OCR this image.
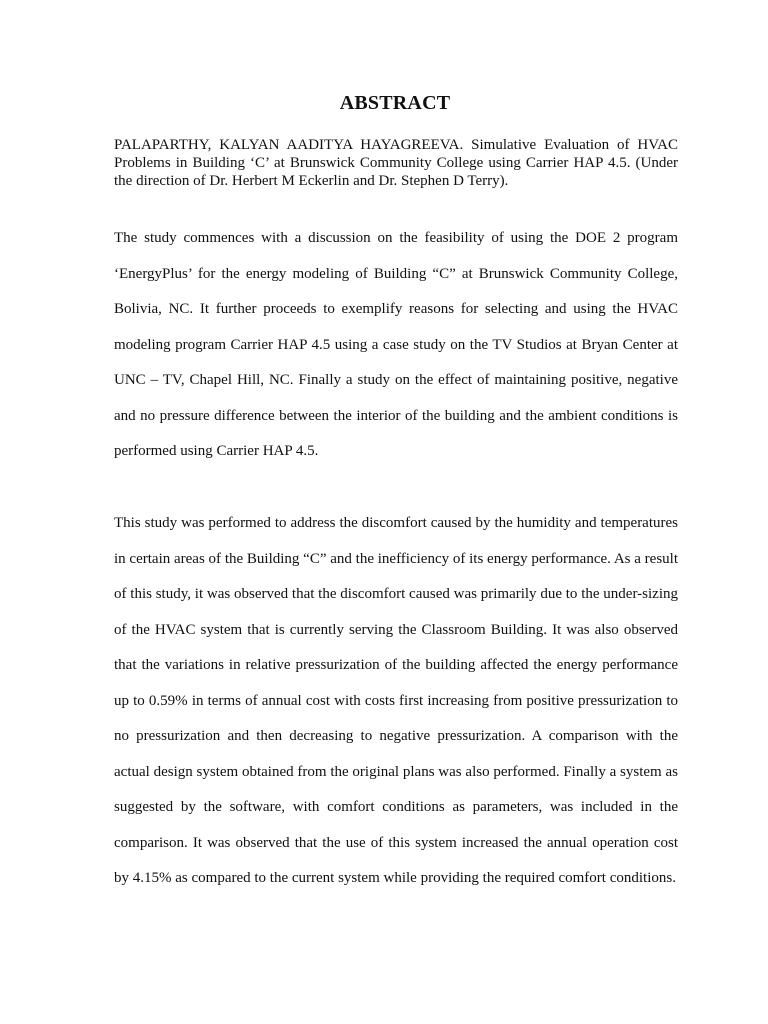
ABSTRACT

PALAPARTHY, KALYAN AADITYA HAYAGREEVA. Simulative Evaluation of HVAC Problems in Building ‘C’ at Brunswick Community College using Carrier HAP 4.5. (Under the direction of Dr. Herbert M Eckerlin and Dr. Stephen D Terry).

The study commences with a discussion on the feasibility of using the DOE 2 program ‘EnergyPlus’ for the energy modeling of Building “C” at Brunswick Community College, Bolivia, NC. It further proceeds to exemplify reasons for selecting and using the HVAC modeling program Carrier HAP 4.5 using a case study on the TV Studios at Bryan Center at UNC – TV, Chapel Hill, NC. Finally a study on the effect of maintaining positive, negative and no pressure difference between the interior of the building and the ambient conditions is performed using Carrier HAP 4.5.

This study was performed to address the discomfort caused by the humidity and temperatures in certain areas of the Building “C” and the inefficiency of its energy performance. As a result of this study, it was observed that the discomfort caused was primarily due to the under-sizing of the HVAC system that is currently serving the Classroom Building. It was also observed that the variations in relative pressurization of the building affected the energy performance up to 0.59% in terms of annual cost with costs first increasing from positive pressurization to no pressurization and then decreasing to negative pressurization. A comparison with the actual design system obtained from the original plans was also performed. Finally a system as suggested by the software, with comfort conditions as parameters, was included in the comparison. It was observed that the use of this system increased the annual operation cost by 4.15% as compared to the current system while providing the required comfort conditions.
